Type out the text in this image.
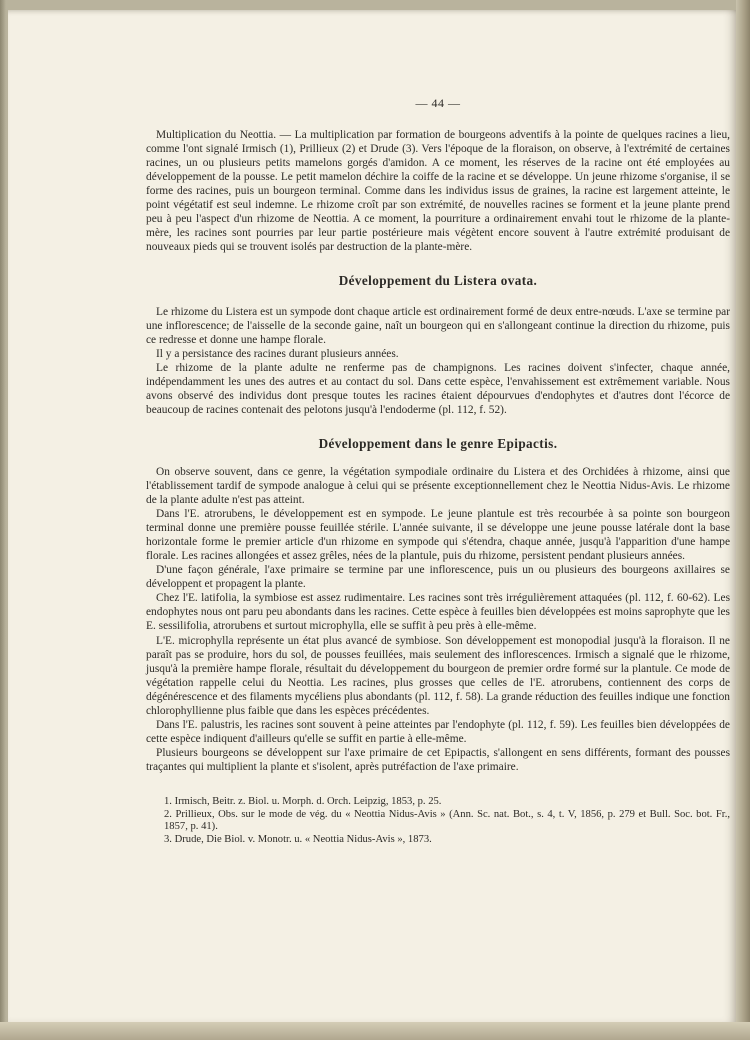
— 44 —

Multiplication du Neottia. — La multiplication par formation de bourgeons adventifs à la pointe de quelques racines a lieu, comme l'ont signalé Irmisch (1), Prillieux (2) et Drude (3). Vers l'époque de la floraison, on observe, à l'extrémité de certaines racines, un ou plusieurs petits mamelons gorgés d'amidon. A ce moment, les réserves de la racine ont été employées au développement de la pousse. Le petit mamelon déchire la coiffe de la racine et se développe. Un jeune rhizome s'organise, il se forme des racines, puis un bourgeon terminal. Comme dans les individus issus de graines, la racine est largement atteinte, le point végétatif est seul indemne. Le rhizome croît par son extrémité, de nouvelles racines se forment et la jeune plante prend peu à peu l'aspect d'un rhizome de Neottia. A ce moment, la pourriture a ordinairement envahi tout le rhizome de la plante-mère, les racines sont pourries par leur partie postérieure mais végètent encore souvent à l'autre extrémité produisant de nouveaux pieds qui se trouvent isolés par destruction de la plante-mère.

Développement du Listera ovata.

Le rhizome du Listera est un sympode dont chaque article est ordinairement formé de deux entre-nœuds. L'axe se termine par une inflorescence; de l'aisselle de la seconde gaine, naît un bourgeon qui en s'allongeant continue la direction du rhizome, puis ce redresse et donne une hampe florale.

Il y a persistance des racines durant plusieurs années.

Le rhizome de la plante adulte ne renferme pas de champignons. Les racines doivent s'infecter, chaque année, indépendamment les unes des autres et au contact du sol. Dans cette espèce, l'envahissement est extrêmement variable. Nous avons observé des individus dont presque toutes les racines étaient dépourvues d'endophytes et d'autres dont l'écorce de beaucoup de racines contenait des pelotons jusqu'à l'endoderme (pl. 112, f. 52).

Développement dans le genre Epipactis.

On observe souvent, dans ce genre, la végétation sympodiale ordinaire du Listera et des Orchidées à rhizome, ainsi que l'établissement tardif de sympode analogue à celui qui se présente exceptionnellement chez le Neottia Nidus-Avis. Le rhizome de la plante adulte n'est pas atteint.

Dans l'E. atrorubens, le développement est en sympode. Le jeune plantule est très recourbée à sa pointe son bourgeon terminal donne une première pousse feuillée stérile. L'année suivante, il se développe une jeune pousse latérale dont la base horizontale forme le premier article d'un rhizome en sympode qui s'étendra, chaque année, jusqu'à l'apparition d'une hampe florale. Les racines allongées et assez grêles, nées de la plantule, puis du rhizome, persistent pendant plusieurs années.

D'une façon générale, l'axe primaire se termine par une inflorescence, puis un ou plusieurs des bourgeons axillaires se développent et propagent la plante.

Chez l'E. latifolia, la symbiose est assez rudimentaire. Les racines sont très irrégulièrement attaquées (pl. 112, f. 60-62). Les endophytes nous ont paru peu abondants dans les racines. Cette espèce à feuilles bien développées est moins saprophyte que les E. sessilifolia, atrorubens et surtout microphylla, elle se suffit à peu près à elle-même.

L'E. microphylla représente un état plus avancé de symbiose. Son développement est monopodial jusqu'à la floraison. Il ne paraît pas se produire, hors du sol, de pousses feuillées, mais seulement des inflorescences. Irmisch a signalé que le rhizome, jusqu'à la première hampe florale, résultait du développement du bourgeon de premier ordre formé sur la plantule. Ce mode de végétation rappelle celui du Neottia. Les racines, plus grosses que celles de l'E. atrorubens, contiennent des corps de dégénérescence et des filaments mycéliens plus abondants (pl. 112, f. 58). La grande réduction des feuilles indique une fonction chlorophyllienne plus faible que dans les espèces précédentes.

Dans l'E. palustris, les racines sont souvent à peine atteintes par l'endophyte (pl. 112, f. 59). Les feuilles bien développées de cette espèce indiquent d'ailleurs qu'elle se suffit en partie à elle-même.

Plusieurs bourgeons se développent sur l'axe primaire de cet Epipactis, s'allongent en sens différents, formant des pousses traçantes qui multiplient la plante et s'isolent, après putréfaction de l'axe primaire.

1. Irmisch, Beitr. z. Biol. u. Morph. d. Orch. Leipzig, 1853, p. 25.

2. Prillieux, Obs. sur le mode de vég. du « Neottia Nidus-Avis » (Ann. Sc. nat. Bot., s. 4, t. V, 1856, p. 279 et Bull. Soc. bot. Fr., 1857, p. 41).

3. Drude, Die Biol. v. Monotr. u. « Neottia Nidus-Avis », 1873.
